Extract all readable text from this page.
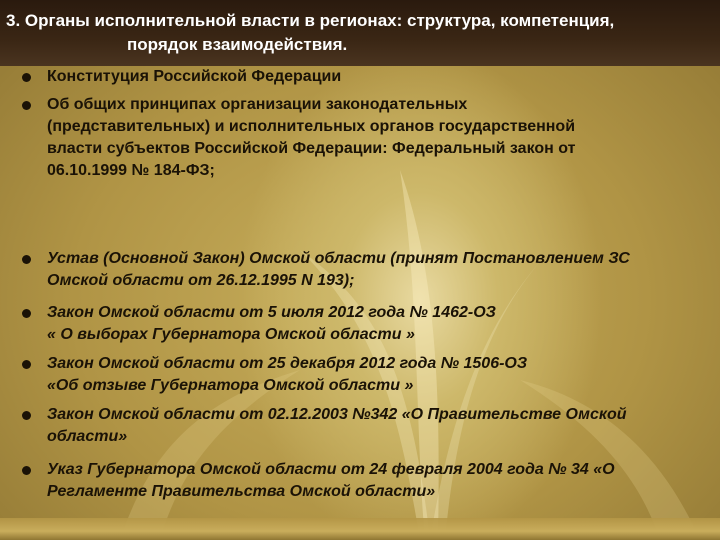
3. Органы исполнительной власти в регионах: структура, компетенция,
порядок взаимодействия.
Конституция Российской Федерации
Об общих принципах организации законодательных
(представительных) и исполнительных органов государственной
власти субъектов Российской Федерации: Федеральный закон от
06.10.1999 № 184-ФЗ;
Устав (Основной Закон) Омской области (принят Постановлением ЗС
Омской области от 26.12.1995 N 193);
Закон Омской области от 5 июля 2012 года № 1462-ОЗ
« О выборах Губернатора Омской области »
Закон Омской области от 25 декабря 2012 года № 1506-ОЗ
«Об отзыве Губернатора Омской области »
Закон Омской области от 02.12.2003 №342 «О Правительстве Омской
области»
Указ Губернатора Омской области от 24 февраля 2004 года № 34 «О
Регламенте Правительства Омской области»
